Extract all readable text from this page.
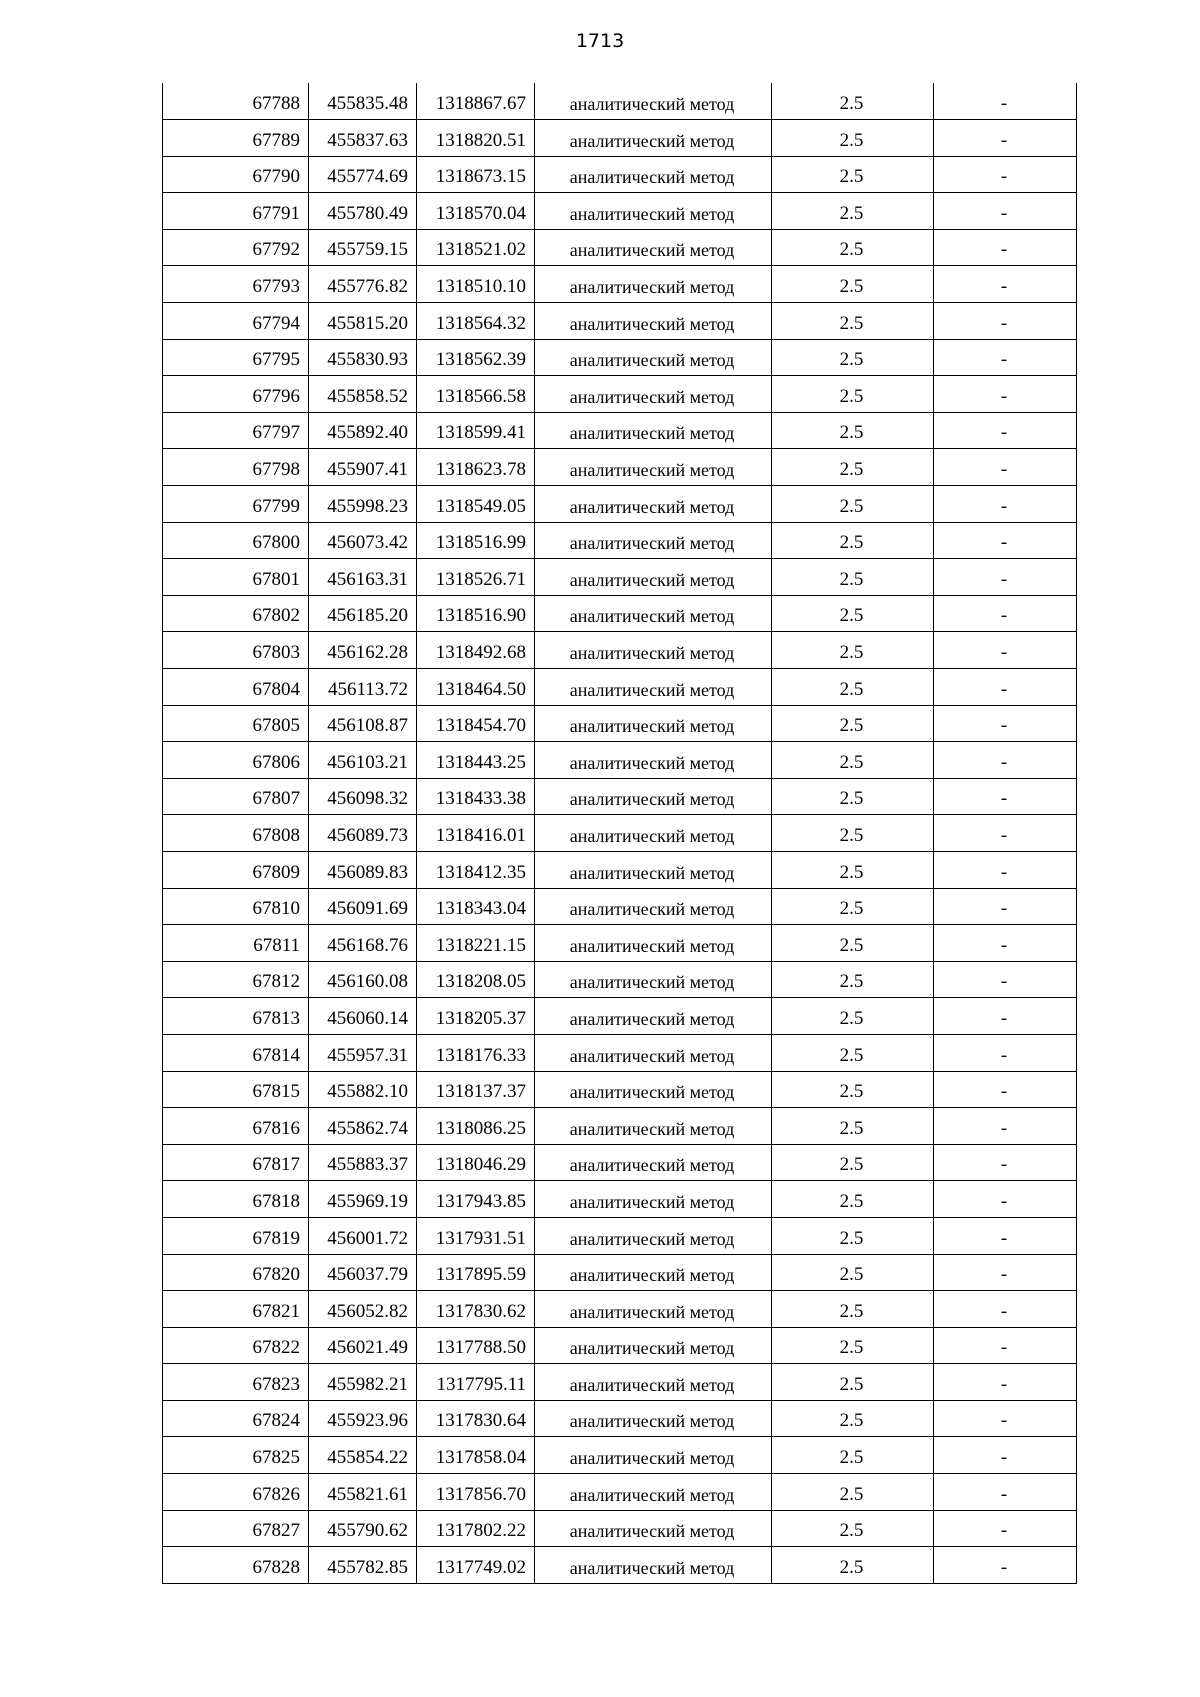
1713
67788	455835.48	1318867.67	аналитический метод	2.5	-
67789	455837.63	1318820.51	аналитический метод	2.5	-
67790	455774.69	1318673.15	аналитический метод	2.5	-
67791	455780.49	1318570.04	аналитический метод	2.5	-
67792	455759.15	1318521.02	аналитический метод	2.5	-
67793	455776.82	1318510.10	аналитический метод	2.5	-
67794	455815.20	1318564.32	аналитический метод	2.5	-
67795	455830.93	1318562.39	аналитический метод	2.5	-
67796	455858.52	1318566.58	аналитический метод	2.5	-
67797	455892.40	1318599.41	аналитический метод	2.5	-
67798	455907.41	1318623.78	аналитический метод	2.5	-
67799	455998.23	1318549.05	аналитический метод	2.5	-
67800	456073.42	1318516.99	аналитический метод	2.5	-
67801	456163.31	1318526.71	аналитический метод	2.5	-
67802	456185.20	1318516.90	аналитический метод	2.5	-
67803	456162.28	1318492.68	аналитический метод	2.5	-
67804	456113.72	1318464.50	аналитический метод	2.5	-
67805	456108.87	1318454.70	аналитический метод	2.5	-
67806	456103.21	1318443.25	аналитический метод	2.5	-
67807	456098.32	1318433.38	аналитический метод	2.5	-
67808	456089.73	1318416.01	аналитический метод	2.5	-
67809	456089.83	1318412.35	аналитический метод	2.5	-
67810	456091.69	1318343.04	аналитический метод	2.5	-
67811	456168.76	1318221.15	аналитический метод	2.5	-
67812	456160.08	1318208.05	аналитический метод	2.5	-
67813	456060.14	1318205.37	аналитический метод	2.5	-
67814	455957.31	1318176.33	аналитический метод	2.5	-
67815	455882.10	1318137.37	аналитический метод	2.5	-
67816	455862.74	1318086.25	аналитический метод	2.5	-
67817	455883.37	1318046.29	аналитический метод	2.5	-
67818	455969.19	1317943.85	аналитический метод	2.5	-
67819	456001.72	1317931.51	аналитический метод	2.5	-
67820	456037.79	1317895.59	аналитический метод	2.5	-
67821	456052.82	1317830.62	аналитический метод	2.5	-
67822	456021.49	1317788.50	аналитический метод	2.5	-
67823	455982.21	1317795.11	аналитический метод	2.5	-
67824	455923.96	1317830.64	аналитический метод	2.5	-
67825	455854.22	1317858.04	аналитический метод	2.5	-
67826	455821.61	1317856.70	аналитический метод	2.5	-
67827	455790.62	1317802.22	аналитический метод	2.5	-
67828	455782.85	1317749.02	аналитический метод	2.5	-
